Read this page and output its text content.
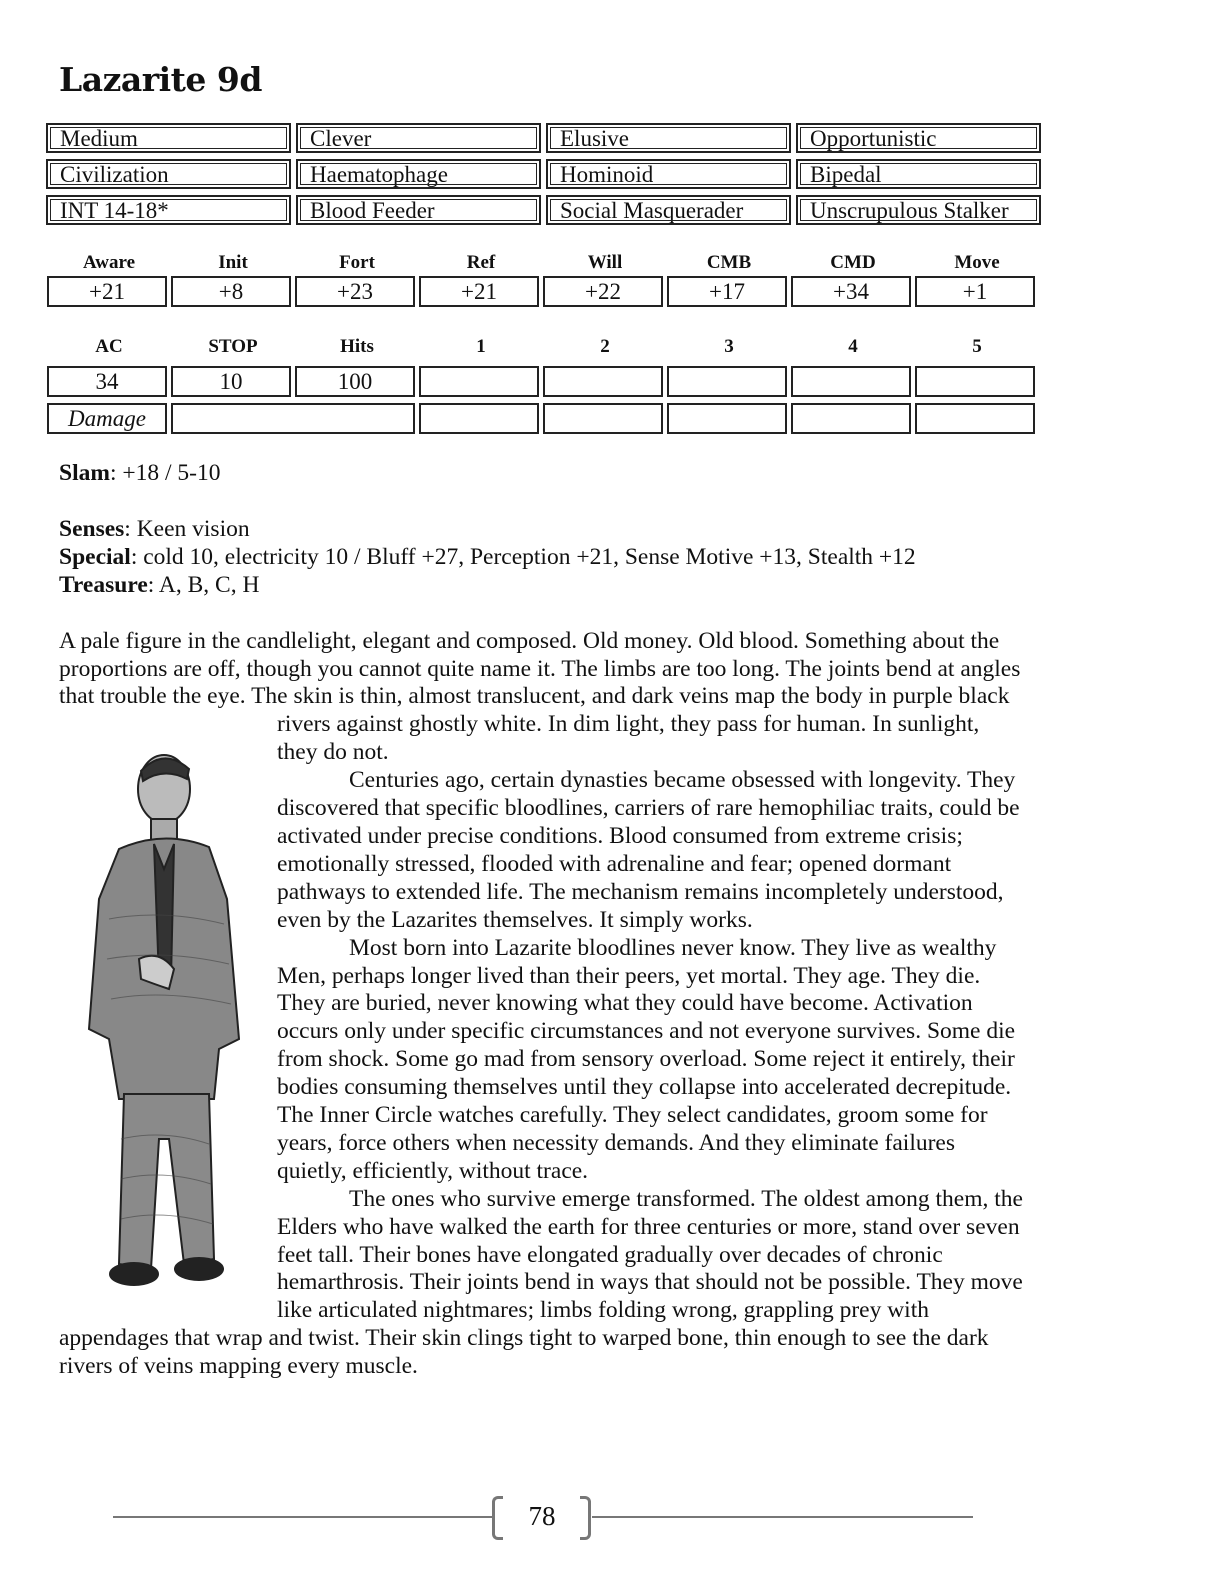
Lazarite 9d
Medium	Clever	Elusive	Opportunistic
Civilization	Haematophage	Hominoid	Bipedal
INT 14-18*	Blood Feeder	Social Masquerader	Unscrupulous Stalker
Aware	Init	Fort	Ref	Will	CMB	CMD	Move
+21	+8	+23	+21	+22	+17	+34	+1
AC	STOP	Hits	1	2	3	4	5
34	10	100
Damage

Slam: +18 / 5-10

Senses: Keen vision

Special: cold 10, electricity 10 / Bluff +27, Perception +21, Sense Motive +13, Stealth +12

Treasure: A, B, C, H

A pale figure in the candlelight, elegant and composed. Old money. Old blood. Something about the proportions are off, though you cannot quite name it. The limbs are too long. The joints bend at angles that trouble the eye. The skin is thin, almost translucent, and dark veins map the body in purple black rivers against ghostly white. In dim light, they pass for human. In sunlight, they do not.

Centuries ago, certain dynasties became obsessed with longevity. They discovered that specific bloodlines, carriers of rare hemophiliac traits, could be activated under precise conditions. Blood consumed from extreme crisis; emotionally stressed, flooded with adrenaline and fear; opened dormant pathways to extended life. The mechanism remains incompletely understood, even by the Lazarites themselves. It simply works.

Most born into Lazarite bloodlines never know. They live as wealthy Men, perhaps longer lived than their peers, yet mortal. They age. They die. They are buried, never knowing what they could have become. Activation occurs only under specific circumstances and not everyone survives. Some die from shock. Some go mad from sensory overload. Some reject it entirely, their bodies consuming themselves until they collapse into accelerated decrepitude. The Inner Circle watches carefully. They select candidates, groom some for years, force others when necessity demands. And they eliminate failures quietly, efficiently, without trace.

The ones who survive emerge transformed. The oldest among them, the Elders who have walked the earth for three centuries or more, stand over seven feet tall. Their bones have elongated gradually over decades of chronic hemarthrosis. Their joints bend in ways that should not be possible. They move like articulated nightmares; limbs folding wrong, grappling prey with appendages that wrap and twist. Their skin clings tight to warped bone, thin enough to see the dark rivers of veins mapping every muscle.

78
